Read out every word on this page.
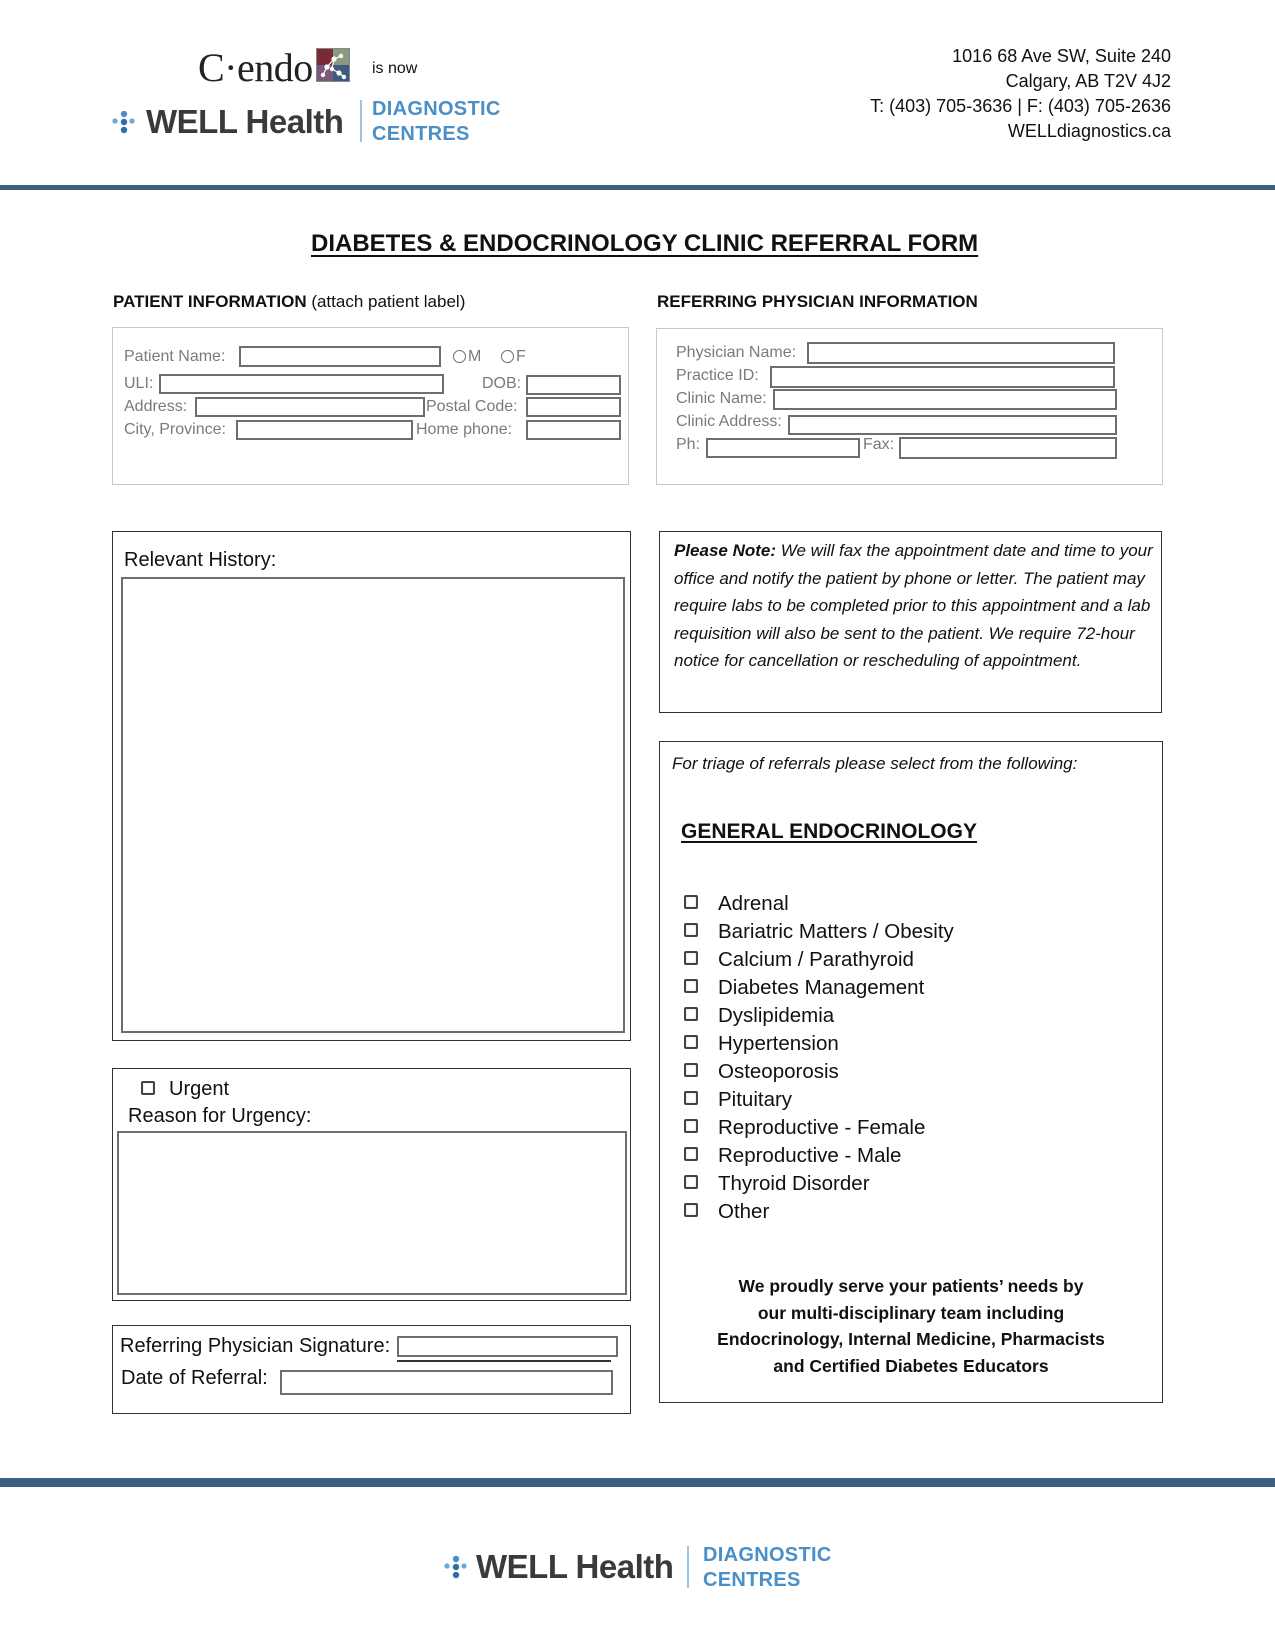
C·endo	is now
WELL Health DIAGNOSTIC
CENTRES
1016 68 Ave SW, Suite 240
Calgary, AB T2V 4J2
T: (403) 705-3636 | F: (403) 705-2636
WELLdiagnostics.ca
DIABETES & ENDOCRINOLOGY CLINIC REFERRAL FORM
PATIENT INFORMATION (attach patient label)
Patient Name:	M F
ULI:	DOB:
Address:	Postal Code:
City, Province:	Home phone:
REFERRING PHYSICIAN INFORMATION
Physician Name:
Practice ID:
Clinic Name:
Clinic Address:
Ph:	Fax:
Relevant History:
Urgent
Reason for Urgency:
Referring Physician Signature:
Date of Referral:
Please Note: We will fax the appointment date and time to your office and notify the patient by phone or letter. The patient may require labs to be completed prior to this appointment and a lab requisition will also be sent to the patient. We require 72-hour notice for cancellation or rescheduling of appointment.
For triage of referrals please select from the following:
GENERAL ENDOCRINOLOGY
Adrenal
Bariatric Matters / Obesity
Calcium / Parathyroid
Diabetes Management
Dyslipidemia
Hypertension
Osteoporosis
Pituitary
Reproductive - Female
Reproductive - Male
Thyroid Disorder
Other
We proudly serve your patients’ needs by
our multi-disciplinary team including
Endocrinology, Internal Medicine, Pharmacists
and Certified Diabetes Educators
WELL Health DIAGNOSTIC
CENTRES
